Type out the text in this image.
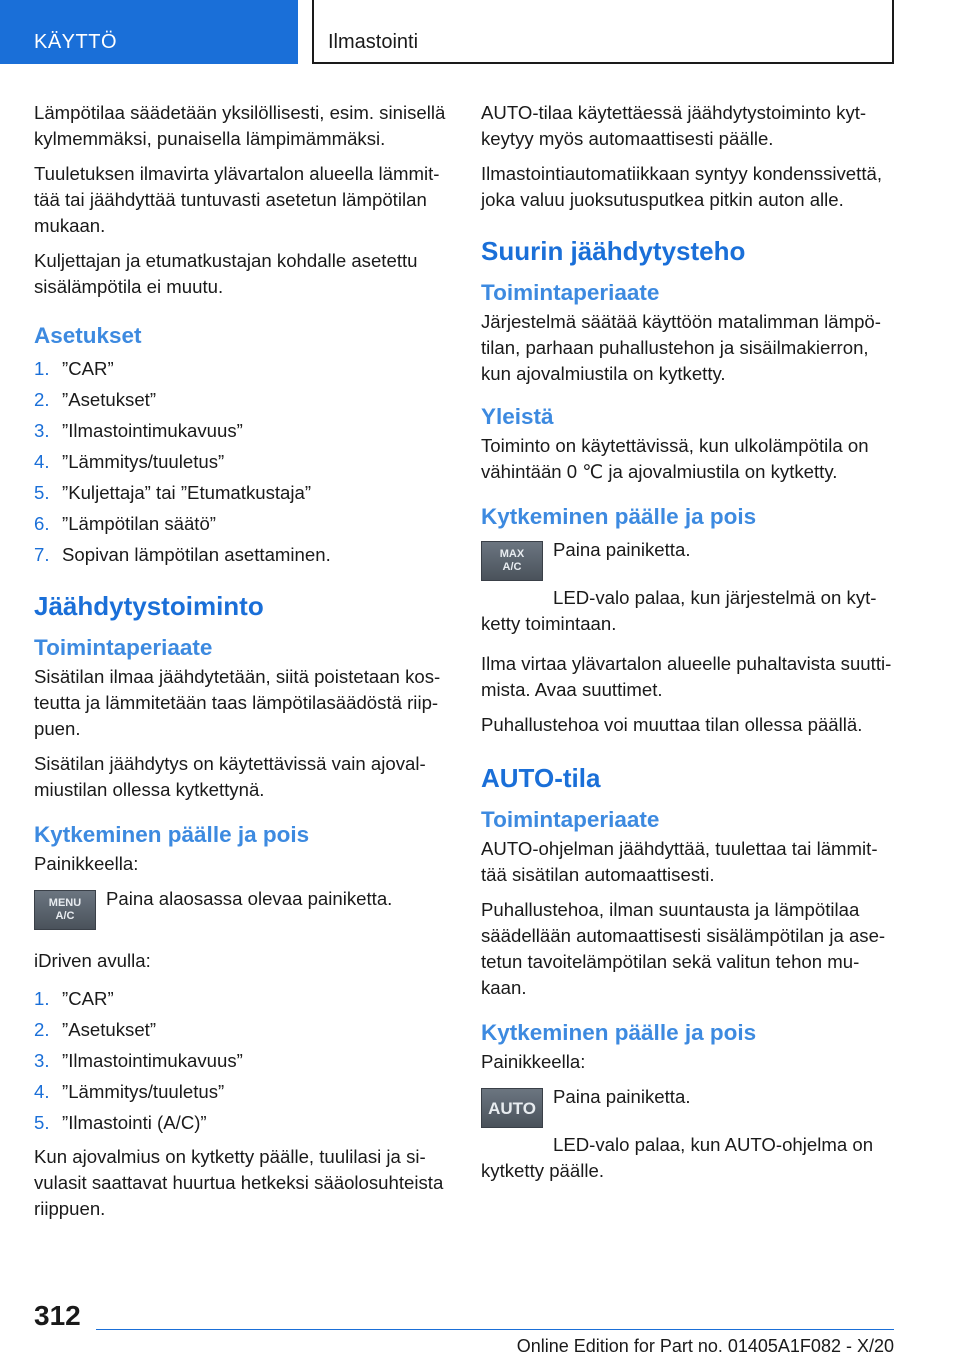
KÄYTTÖ	Ilmastointi

Lämpötilaa säädetään yksilöllisesti, esim. sinisellä kylmemmäksi, punaisella lämpimämmäksi.

Tuuletuksen ilmavirta ylävartalon alueella lämmit-tää tai jäähdyttää tuntuvasti asetetun lämpötilan mukaan.

Kuljettajan ja etumatkustajan kohdalle asetettu sisälämpötila ei muutu.

Asetukset
1. ”CAR”
2. ”Asetukset”
3. ”Ilmastointimukavuus”
4. ”Lämmitys/tuuletus”
5. ”Kuljettaja” tai ”Etumatkustaja”
6. ”Lämpötilan säätö”
7. Sopivan lämpötilan asettaminen.
Jäähdytystoiminto
Toimintaperiaate

Sisätilan ilmaa jäähdytetään, siitä poistetaan kos-teutta ja lämmitetään taas lämpötilasäädöstä riip-puen.

Sisätilan jäähdytys on käytettävissä vain ajoval-miustilan ollessa kytkettynä.

Kytkeminen päälle ja pois

Painikkeella:

MENU
A/C

Paina alaosassa olevaa painiketta.

iDriven avulla:

1. ”CAR”
2. ”Asetukset”
3. ”Ilmastointimukavuus”
4. ”Lämmitys/tuuletus”
5. ”Ilmastointi (A/C)”

Kun ajovalmius on kytketty päälle, tuulilasi ja si-vulasit saattavat huurtua hetkeksi sääolosuhteista riippuen.

AUTO-tilaa käytettäessä jäähdytystoiminto kyt-keytyy myös automaattisesti päälle.

Ilmastointiautomatiikkaan syntyy kondenssivettä, joka valuu juoksutusputkea pitkin auton alle.

Suurin jäähdytysteho
Toimintaperiaate

Järjestelmä säätää käyttöön matalimman lämpö-tilan, parhaan puhallustehon ja sisäilmakierron, kun ajovalmiustila on kytketty.

Yleistä

Toiminto on käytettävissä, kun ulkolämpötila on vähintään 0 ℃ ja ajovalmiustila on kytketty.

Kytkeminen päälle ja pois
MAX
A/C

Paina painiketta.

LED-valo palaa, kun järjestelmä on kyt-ketty toimintaan.

Ilma virtaa ylävartalon alueelle puhaltavista suutti-mista. Avaa suuttimet.

Puhallustehoa voi muuttaa tilan ollessa päällä.

AUTO-tila
Toimintaperiaate

AUTO-ohjelman jäähdyttää, tuulettaa tai lämmit-tää sisätilan automaattisesti.

Puhallustehoa, ilman suuntausta ja lämpötilaa säädellään automaattisesti sisälämpötilan ja ase-tetun tavoitelämpötilan sekä valitun tehon mu-kaan.

Kytkeminen päälle ja pois

Painikkeella:

AUTO

Paina painiketta.

LED-valo palaa, kun AUTO-ohjelma on kytketty päälle.

312
Online Edition for Part no. 01405A1F082 - X/20
